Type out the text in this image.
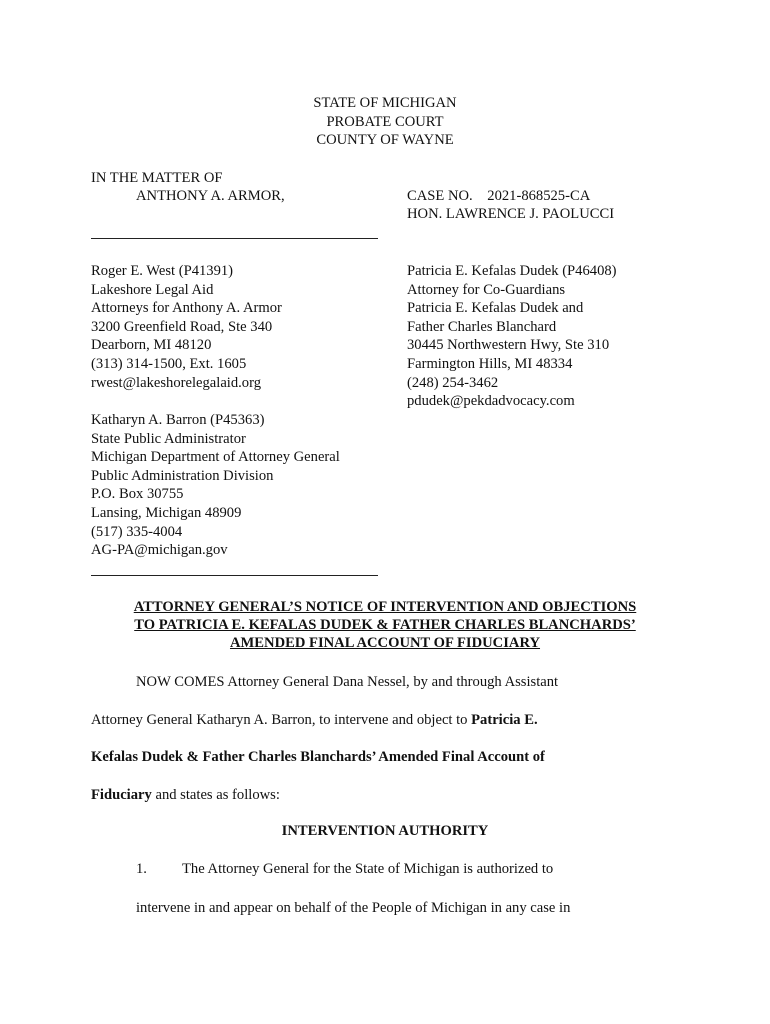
STATE OF MICHIGAN
PROBATE COURT
COUNTY OF WAYNE
IN THE MATTER OF
ANTHONY A. ARMOR,	CASE NO.    2021-868525-CA
HON. LAWRENCE J. PAOLUCCI
Roger E. West (P41391)
Lakeshore Legal Aid
Attorneys for Anthony A. Armor
3200 Greenfield Road, Ste 340
Dearborn, MI 48120
(313) 314-1500, Ext. 1605
rwest@lakeshorelegalaid.org
Patricia E. Kefalas Dudek (P46408)
Attorney for Co-Guardians
Patricia E. Kefalas Dudek and
Father Charles Blanchard
30445 Northwestern Hwy, Ste 310
Farmington Hills, MI 48334
(248) 254-3462
pdudek@pekdadvocacy.com
Katharyn A. Barron (P45363)
State Public Administrator
Michigan Department of Attorney General
Public Administration Division
P.O. Box 30755
Lansing, Michigan 48909
(517) 335-4004
AG-PA@michigan.gov
ATTORNEY GENERAL’S NOTICE OF INTERVENTION AND OBJECTIONS
TO PATRICIA E. KEFALAS DUDEK & FATHER CHARLES BLANCHARDS’
AMENDED FINAL ACCOUNT OF FIDUCIARY
NOW COMES Attorney General Dana Nessel, by and through Assistant
Attorney General Katharyn A. Barron, to intervene and object to Patricia E.
Kefalas Dudek & Father Charles Blanchards’ Amended Final Account of
Fiduciary and states as follows:
INTERVENTION AUTHORITY
1. The Attorney General for the State of Michigan is authorized to
intervene in and appear on behalf of the People of Michigan in any case in
